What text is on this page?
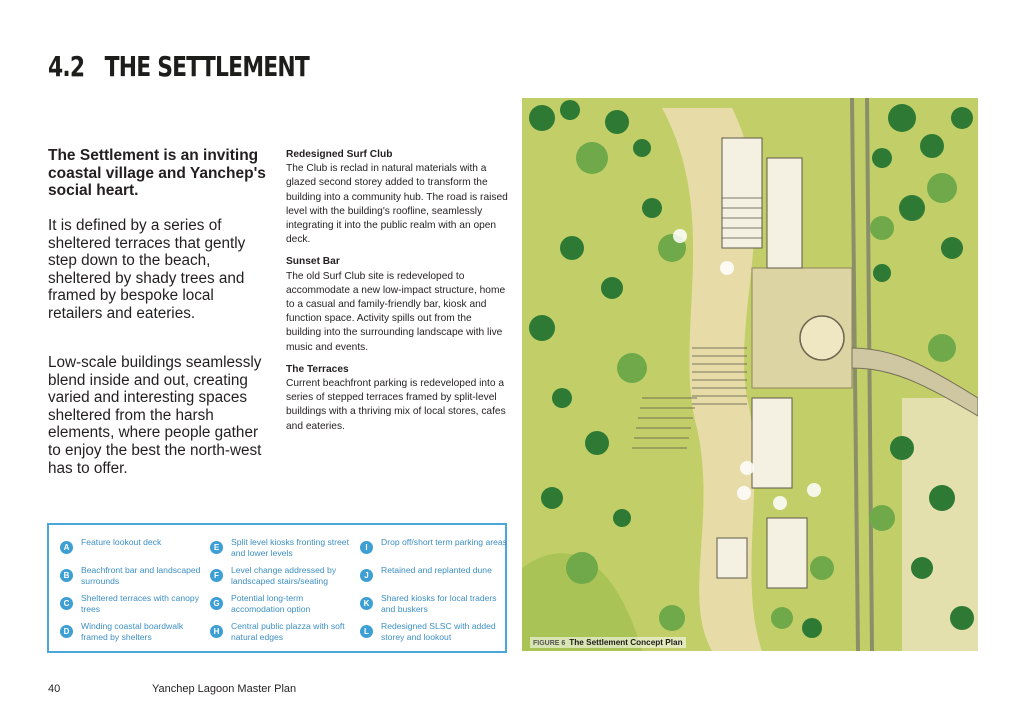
4.2 THE SETTLEMENT

The Settlement is an inviting coastal village and Yanchep's social heart.

It is defined by a series of sheltered terraces that gently step down to the beach, sheltered by shady trees and framed by bespoke local retailers and eateries.

Low-scale buildings seamlessly blend inside and out, creating varied and interesting spaces sheltered from the harsh elements, where people gather to enjoy the best the north-west has to offer.

Redesigned Surf Club

The Club is reclad in natural materials with a glazed second storey added to transform the building into a community hub. The road is raised level with the building's roofline, seamlessly integrating it into the public realm with an open deck.

Sunset Bar

The old Surf Club site is redeveloped to accommodate a new low-impact structure, home to a casual and family-friendly bar, kiosk and function space. Activity spills out from the building into the surrounding landscape with live music and events.

The Terraces

Current beachfront parking is redeveloped into a series of stepped terraces framed by split-level buildings with a thriving mix of local stores, cafes and eateries.

A
Feature lookout deck
B
Beachfront bar and landscaped surrounds
C
Sheltered terraces with canopy trees
D
Winding coastal boardwalk framed by shelters
E
Split level kiosks fronting street and lower levels
F
Level change addressed by landscaped stairs/seating
G
Potential long-term accomodation option
H
Central public plazza with soft natural edges
I
Drop off/short term parking areas
J
Retained and replanted dune
K
Shared kiosks for local traders and buskers
L
Redesigned SLSC with added storey and lookout
FIGURE 6 The Settlement Concept Plan
40	Yanchep Lagoon Master Plan
